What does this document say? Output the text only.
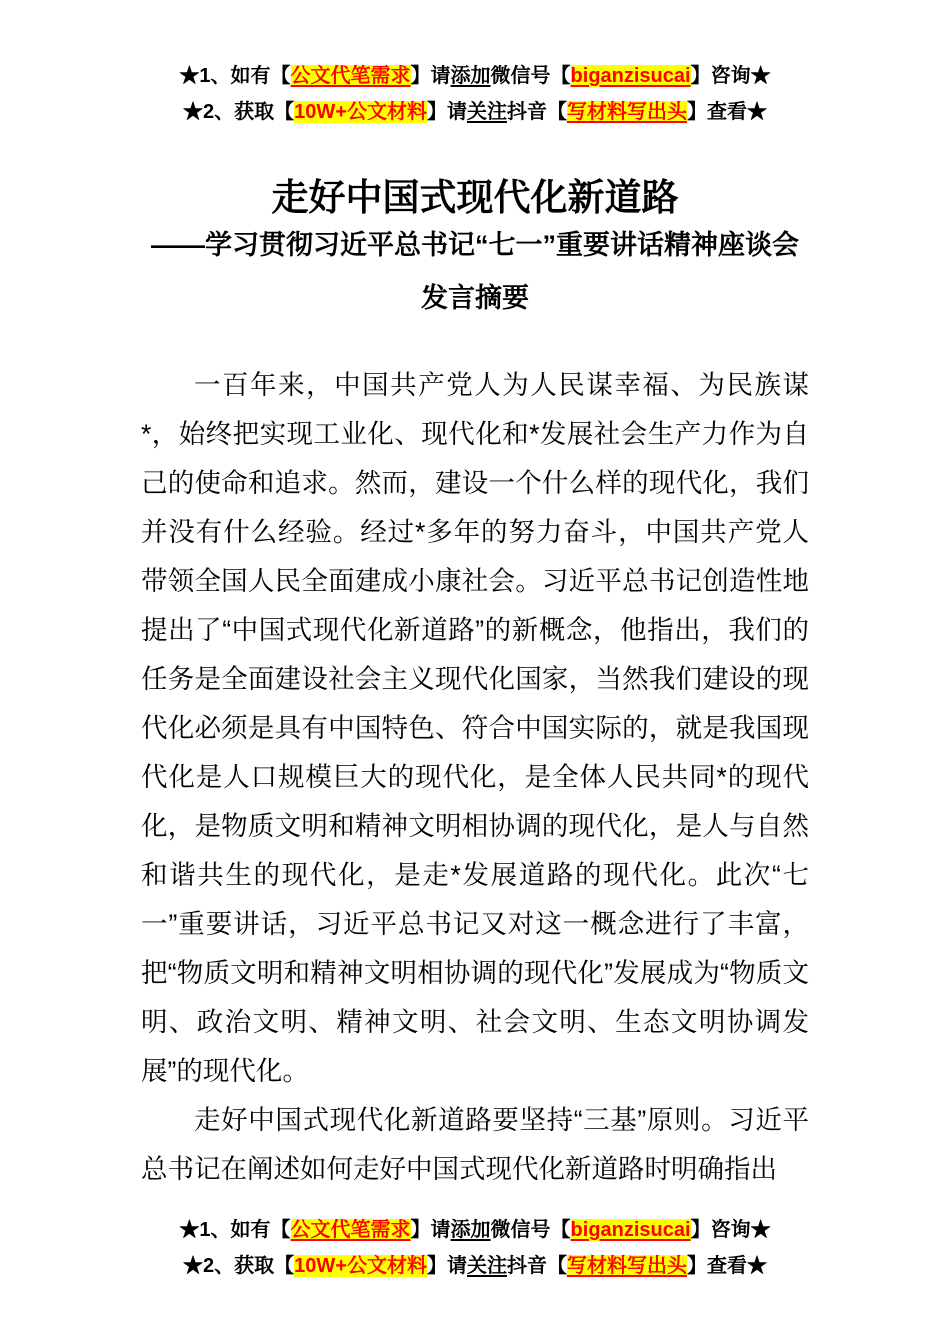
★1、如有【公文代笔需求】请添加微信号【biganzisucai】咨询★
★2、获取【10W+公文材料】请关注抖音【写材料写出头】查看★
走好中国式现代化新道路
——学习贯彻习近平总书记“七一”重要讲话精神座谈会
发言摘要

一百年来，中国共产党人为人民谋幸福、为民族谋*，始终把实现工业化、现代化和*发展社会生产力作为自己的使命和追求。然而，建设一个什么样的现代化，我们并没有什么经验。经过*多年的努力奋斗，中国共产党人带领全国人民全面建成小康社会。习近平总书记创造性地提出了“中国式现代化新道路”的新概念，他指出，我们的任务是全面建设社会主义现代化国家，当然我们建设的现代化必须是具有中国特色、符合中国实际的，就是我国现代化是人口规模巨大的现代化，是全体人民共同*的现代化，是物质文明和精神文明相协调的现代化，是人与自然和谐共生的现代化，是走*发展道路的现代化。此次“七一”重要讲话，习近平总书记又对这一概念进行了丰富，把“物质文明和精神文明相协调的现代化”发展成为“物质文明、政治文明、精神文明、社会文明、生态文明协调发展”的现代化。

走好中国式现代化新道路要坚持“三基”原则。习近平总书记在阐述如何走好中国式现代化新道路时明确指出

★1、如有【公文代笔需求】请添加微信号【biganzisucai】咨询★
★2、获取【10W+公文材料】请关注抖音【写材料写出头】查看★
